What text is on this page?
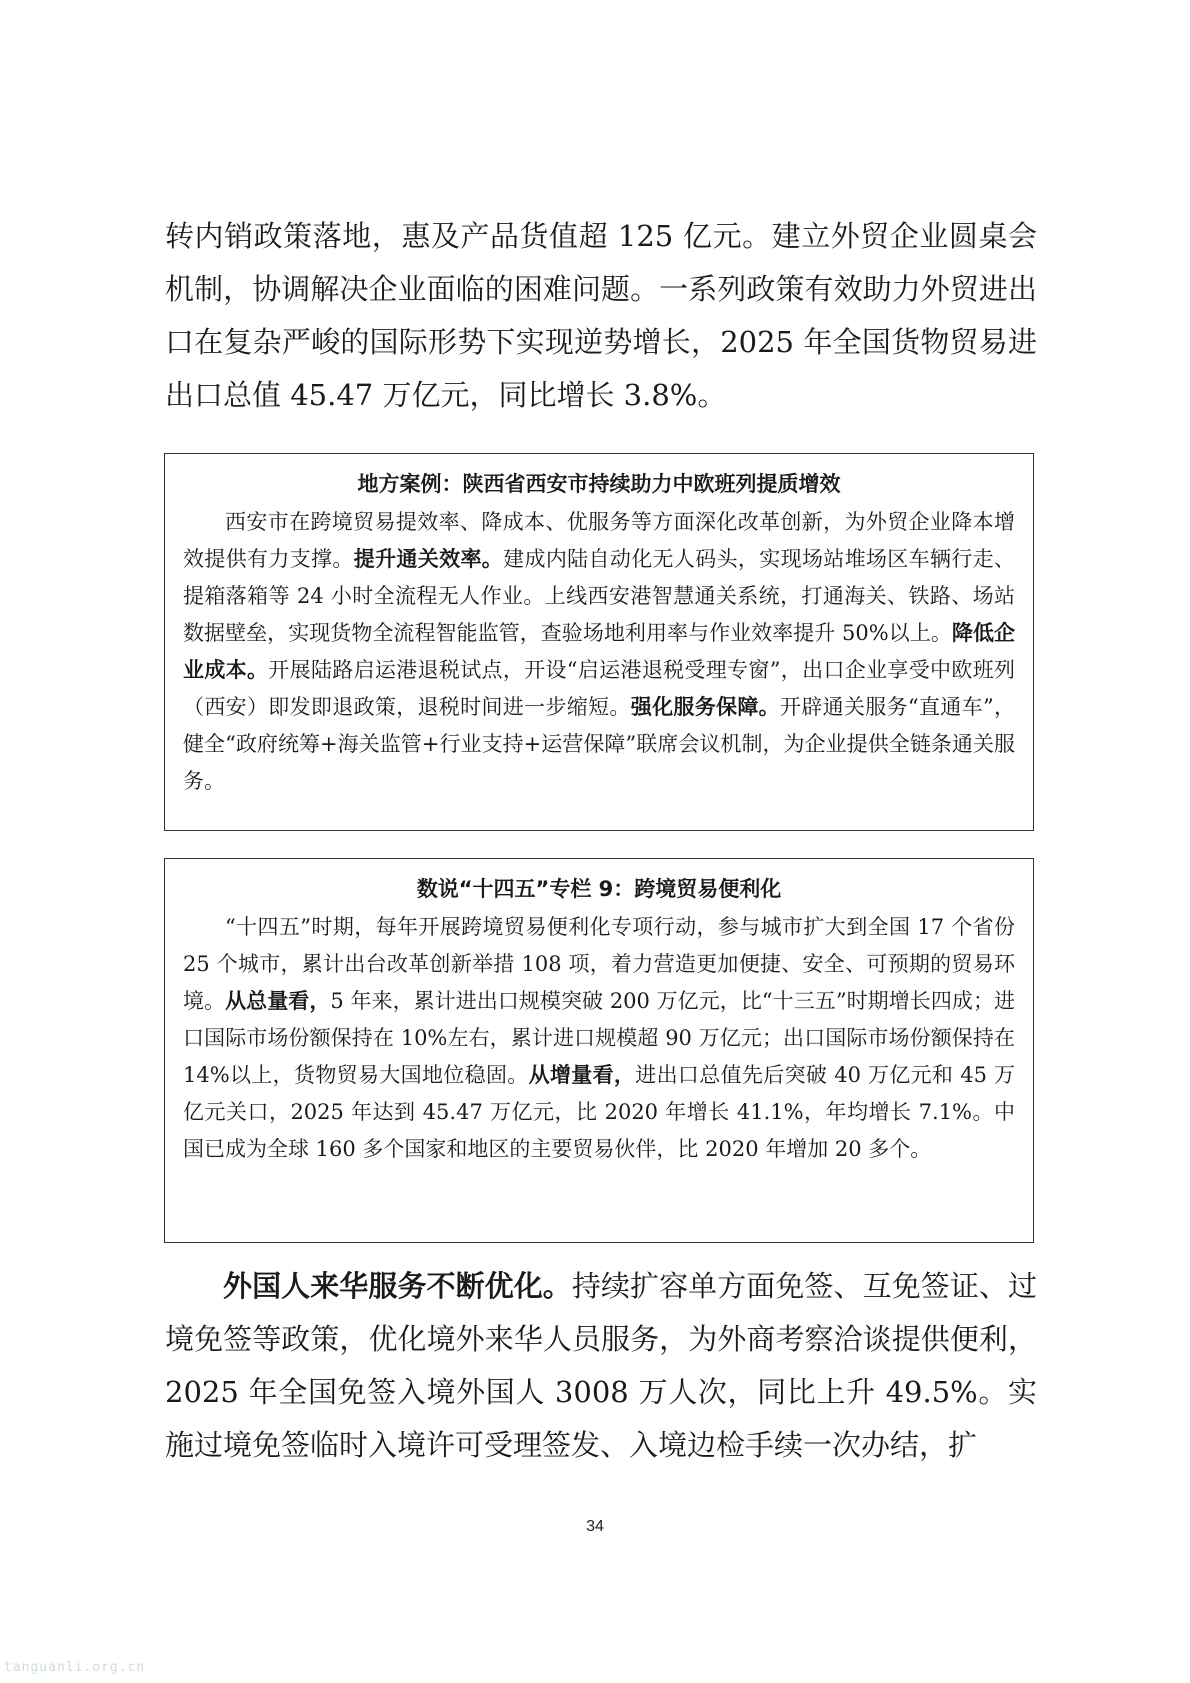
转内销政策落地，惠及产品货值超 125 亿元。建立外贸企业圆桌会机制，协调解决企业面临的困难问题。一系列政策有效助力外贸进出口在复杂严峻的国际形势下实现逆势增长，2025 年全国货物贸易进出口总值 45.47 万亿元，同比增长 3.8%。

地方案例：陕西省西安市持续助力中欧班列提质增效

西安市在跨境贸易提效率、降成本、优服务等方面深化改革创新，为外贸企业降本增效提供有力支撑。提升通关效率。建成内陆自动化无人码头，实现场站堆场区车辆行走、提箱落箱等 24 小时全流程无人作业。上线西安港智慧通关系统，打通海关、铁路、场站数据壁垒，实现货物全流程智能监管，查验场地利用率与作业效率提升 50%以上。降低企业成本。开展陆路启运港退税试点，开设“启运港退税受理专窗”，出口企业享受中欧班列（西安）即发即退政策，退税时间进一步缩短。强化服务保障。开辟通关服务“直通车”，健全“政府统筹+海关监管+行业支持+运营保障”联席会议机制，为企业提供全链条通关服务。

数说“十四五”专栏 9：跨境贸易便利化

“十四五”时期，每年开展跨境贸易便利化专项行动，参与城市扩大到全国 17 个省份 25 个城市，累计出台改革创新举措 108 项，着力营造更加便捷、安全、可预期的贸易环境。从总量看，5 年来，累计进出口规模突破 200 万亿元，比“十三五”时期增长四成；进口国际市场份额保持在 10%左右，累计进口规模超 90 万亿元；出口国际市场份额保持在 14%以上，货物贸易大国地位稳固。从增量看，进出口总值先后突破 40 万亿元和 45 万亿元关口，2025 年达到 45.47 万亿元，比 2020 年增长 41.1%，年均增长 7.1%。中国已成为全球 160 多个国家和地区的主要贸易伙伴，比 2020 年增加 20 多个。

外国人来华服务不断优化。持续扩容单方面免签、互免签证、过境免签等政策，优化境外来华人员服务，为外商考察洽谈提供便利，2025 年全国免签入境外国人 3008 万人次，同比上升 49.5%。实施过境免签临时入境许可受理签发、入境边检手续一次办结，扩

34
tanguanli.org.cn
